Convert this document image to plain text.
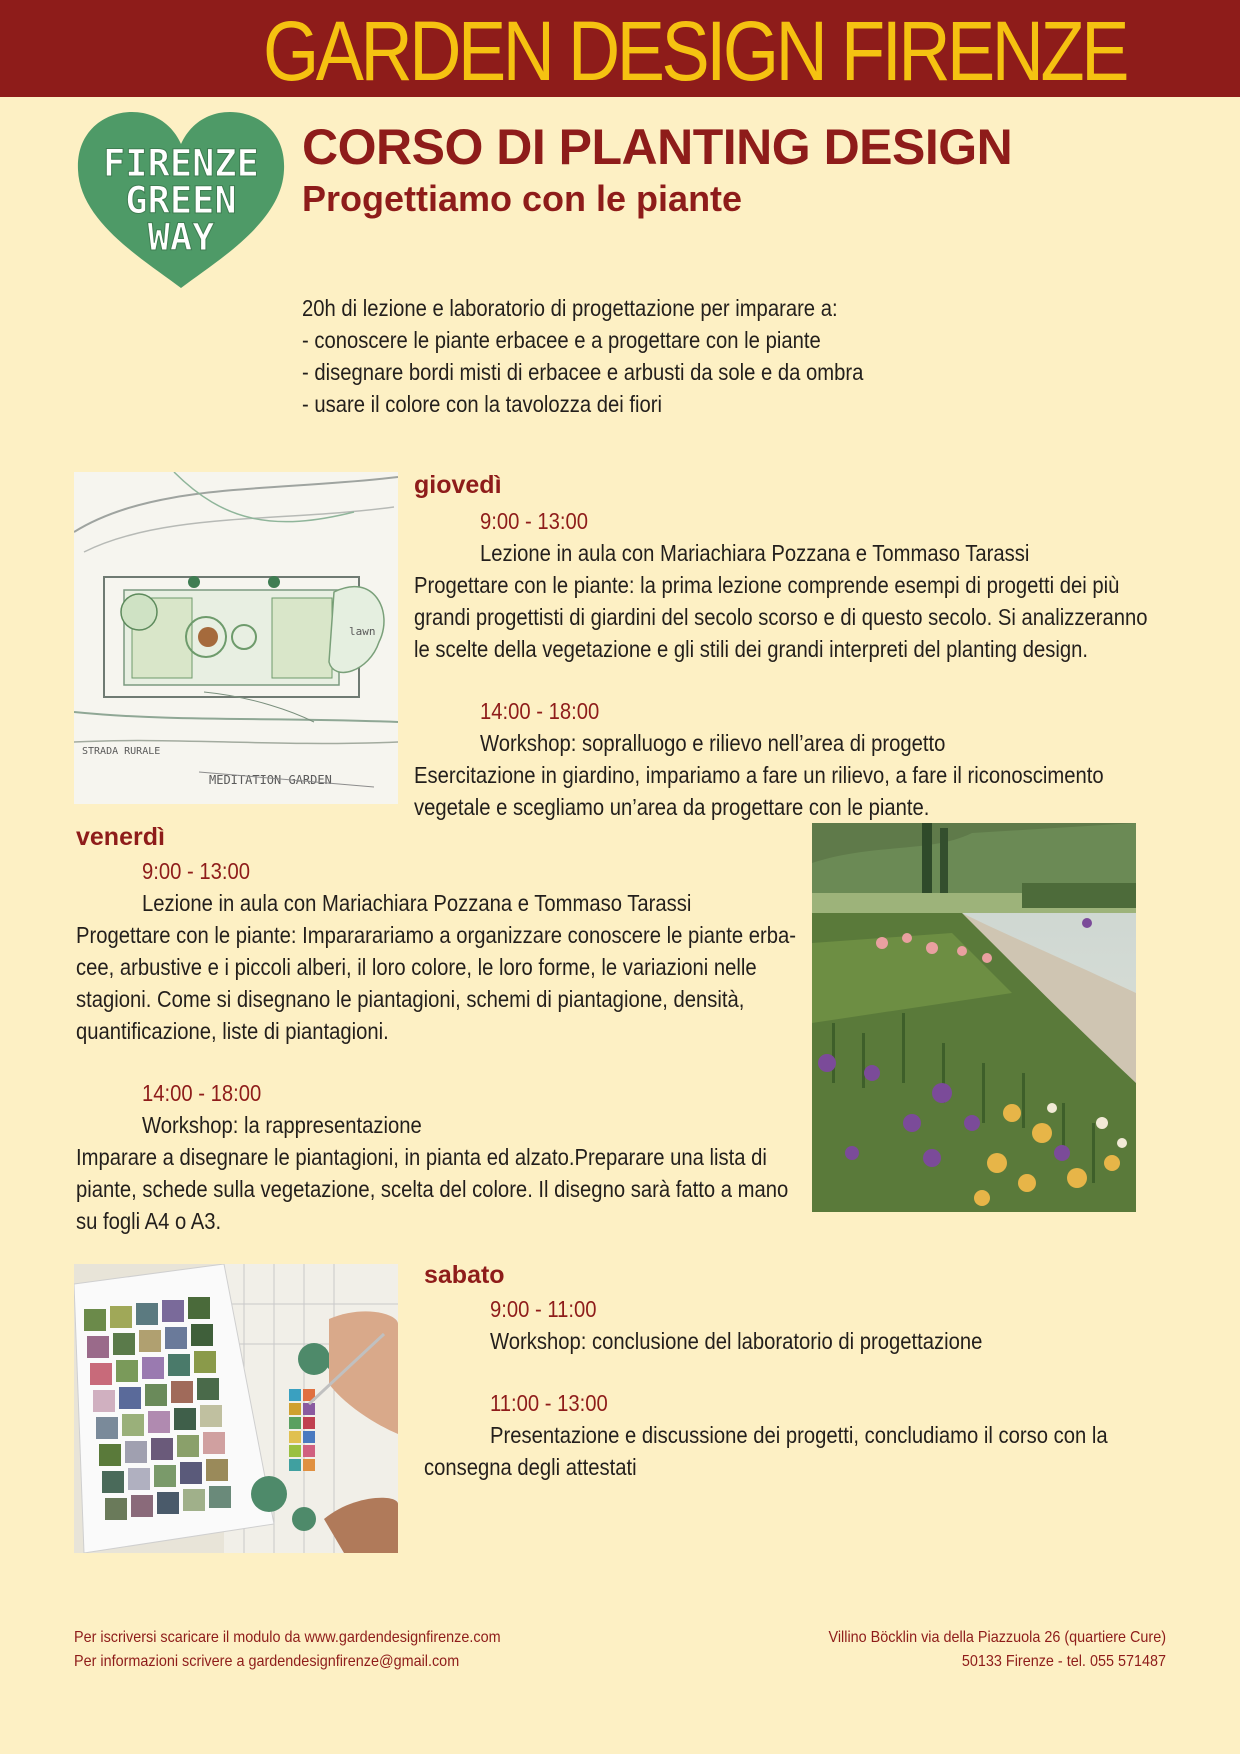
GARDEN DESIGN FIRENZE
FIRENZE
GREEN
WAY
CORSO DI PLANTING DESIGN
Progettiamo con le piante
20h di lezione e laboratorio di progettazione per imparare a:
- conoscere le piante erbacee e a progettare con le piante
- disegnare bordi misti di erbacee e arbusti da sole e da ombra
- usare il colore con la tavolozza dei fiori
STRADA RURALE
lawn
MEDITATION GARDEN
giovedì
9:00 - 13:00
Lezione in aula con Mariachiara Pozzana e Tommaso Tarassi
Progettare con le piante: la prima lezione comprende esempi di progetti dei più
grandi progettisti di giardini del secolo scorso e di questo secolo. Si analizzeranno
le scelte della vegetazione e gli stili dei grandi interpreti del planting design.
14:00 - 18:00
Workshop: sopralluogo e rilievo nell’area di progetto
Esercitazione in giardino, impariamo a fare un rilievo, a fare il riconoscimento
vegetale e scegliamo un’area da progettare con le piante.
venerdì
9:00 - 13:00
Lezione in aula con Mariachiara Pozzana e Tommaso Tarassi
Progettare con le piante: Impararariamo a organizzare conoscere le piante erba-
cee, arbustive e i piccoli alberi, il loro colore, le loro forme, le variazioni nelle
stagioni. Come si disegnano le piantagioni, schemi di piantagione, densità,
quantificazione, liste di piantagioni.
14:00 - 18:00
Workshop: la rappresentazione
Imparare a disegnare le piantagioni, in pianta ed alzato.Preparare una lista di
piante, schede sulla vegetazione, scelta del colore. Il disegno sarà fatto a mano
su fogli A4 o A3.
sabato
9:00 - 11:00
Workshop: conclusione del laboratorio di progettazione
11:00 - 13:00
Presentazione e discussione dei progetti, concludiamo il corso con la
consegna degli attestati
Per iscriversi scaricare il modulo da www.gardendesignfirenze.com
Per informazioni scrivere a gardendesignfirenze@gmail.com
Villino Böcklin via della Piazzuola 26 (quartiere Cure)
50133 Firenze - tel. 055 571487
